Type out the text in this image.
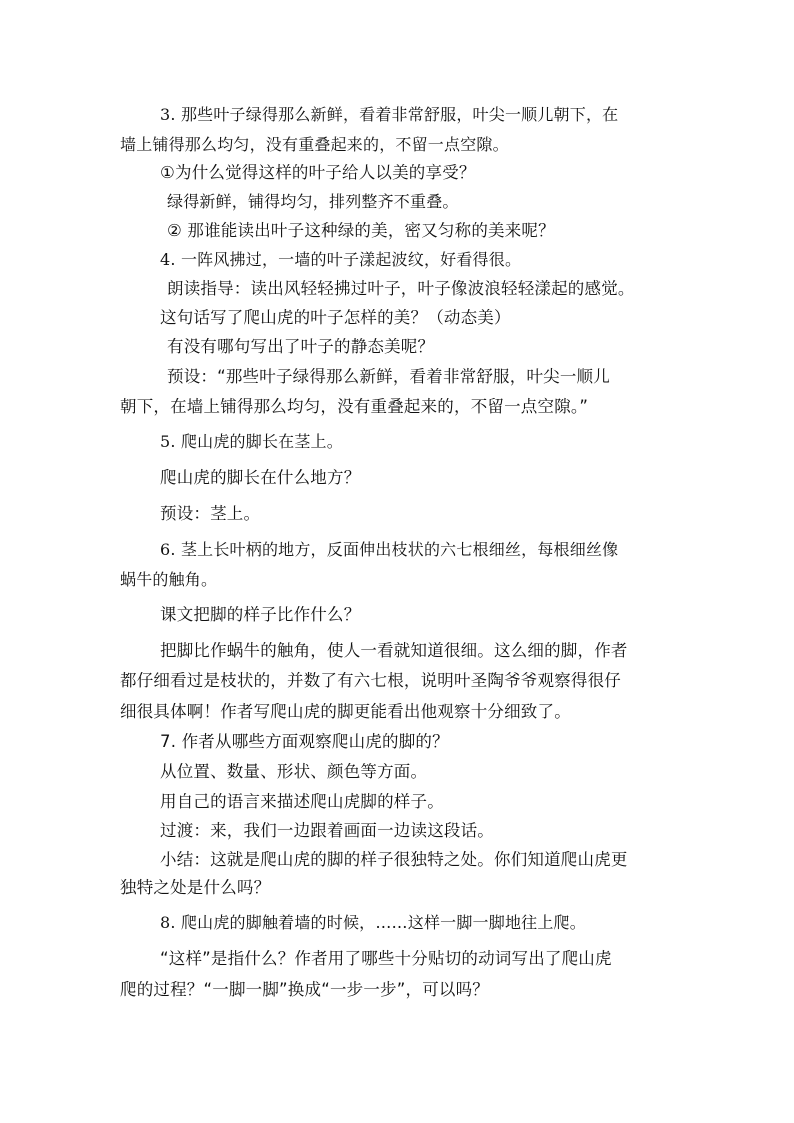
3. 那些叶子绿得那么新鲜，看着非常舒服，叶尖一顺儿朝下，在
墙上铺得那么均匀，没有重叠起来的，不留一点空隙。
①为什么觉得这样的叶子给人以美的享受？
绿得新鲜，铺得均匀，排列整齐不重叠。
② 那谁能读出叶子这种绿的美，密又匀称的美来呢？
4. 一阵风拂过，一墙的叶子漾起波纹，好看得很。
朗读指导：读出风轻轻拂过叶子，叶子像波浪轻轻漾起的感觉。
这句话写了爬山虎的叶子怎样的美？（动态美）
有没有哪句写出了叶子的静态美呢？
预设：“那些叶子绿得那么新鲜，看着非常舒服，叶尖一顺儿
朝下，在墙上铺得那么均匀，没有重叠起来的，不留一点空隙。”
5. 爬山虎的脚长在茎上。
爬山虎的脚长在什么地方？
预设：茎上。
6. 茎上长叶柄的地方，反面伸出枝状的六七根细丝，每根细丝像
蜗牛的触角。
课文把脚的样子比作什么？
把脚比作蜗牛的触角，使人一看就知道很细。这么细的脚，作者
都仔细看过是枝状的，并数了有六七根，说明叶圣陶爷爷观察得很仔
细很具体啊！作者写爬山虎的脚更能看出他观察十分细致了。
7. 作者从哪些方面观察爬山虎的脚的？
从位置、数量、形状、颜色等方面。
用自己的语言来描述爬山虎脚的样子。
过渡：来，我们一边跟着画面一边读这段话。
小结：这就是爬山虎的脚的样子很独特之处。你们知道爬山虎更
独特之处是什么吗？
8. 爬山虎的脚触着墙的时候，……这样一脚一脚地往上爬。
“这样”是指什么？作者用了哪些十分贴切的动词写出了爬山虎
爬的过程？“一脚一脚”换成“一步一步”，可以吗？
